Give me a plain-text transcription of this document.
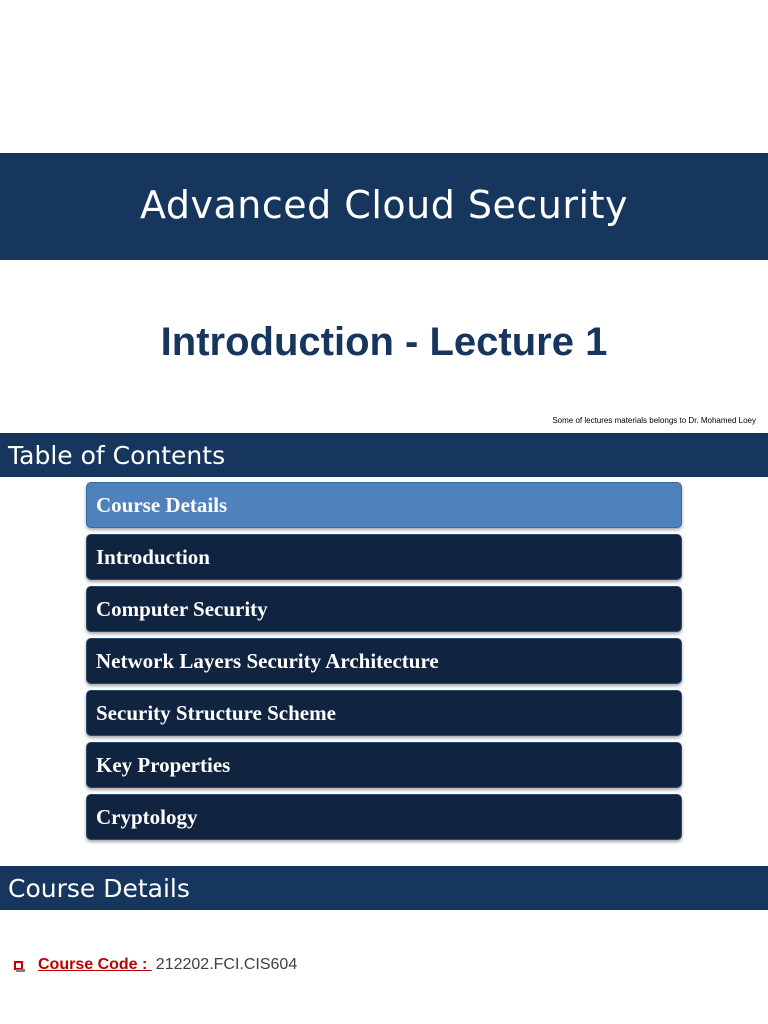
Advanced Cloud Security
Introduction - Lecture 1
Some of lectures materials belongs to Dr. Mohamed Loey
Table of Contents
Course Details
Introduction
Computer Security
Network Layers Security Architecture
Security Structure Scheme
Key Properties
Cryptology
Course Details
Course Code : 212202.FCI.CIS604
